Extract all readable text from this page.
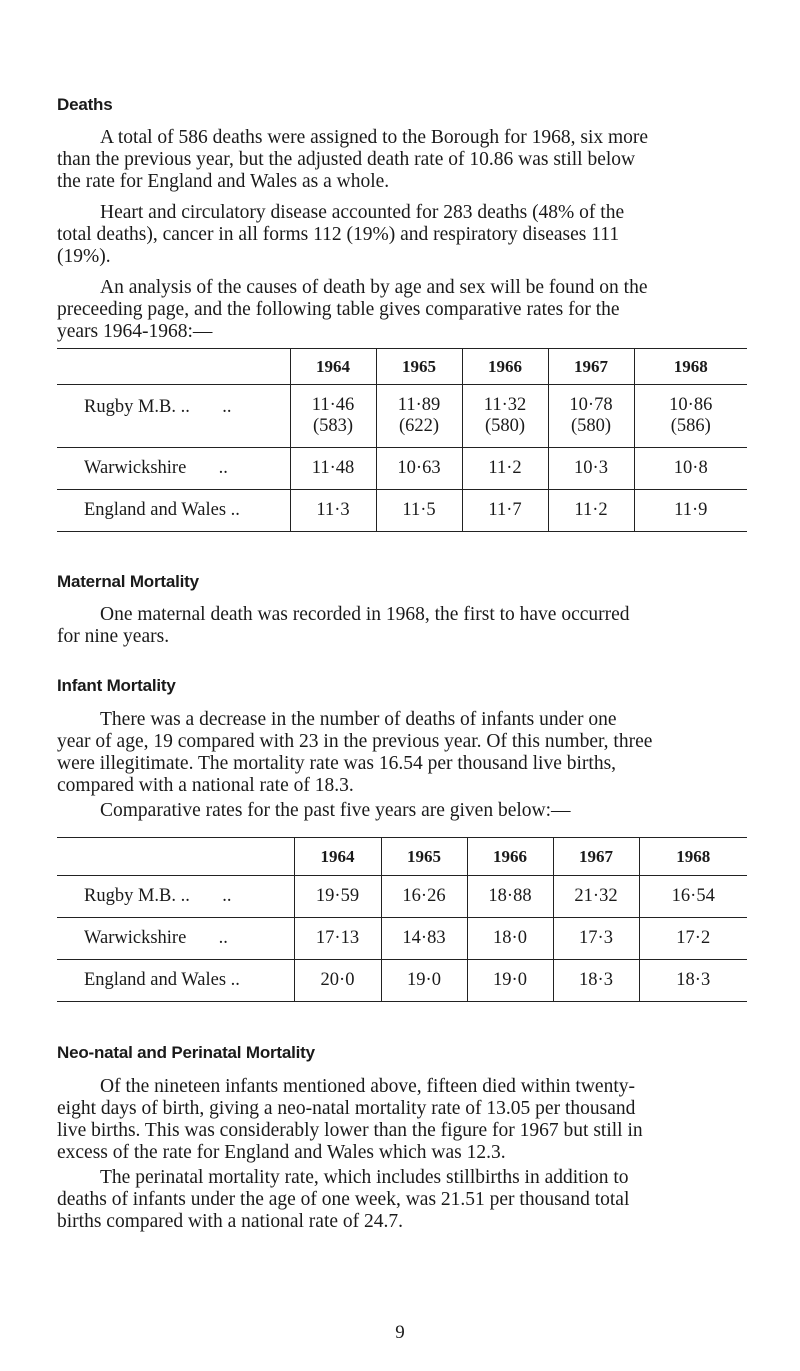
Deaths

A total of 586 deaths were assigned to the Borough for 1968, six more
than the previous year, but the adjusted death rate of 10.86 was still below
the rate for England and Wales as a whole.

Heart and circulatory disease accounted for 283 deaths (48% of the
total deaths), cancer in all forms 112 (19%) and respiratory diseases 111
(19%).

An analysis of the causes of death by age and sex will be found on the
preceeding page, and the following table gives comparative rates for the
years 1964-1968:—

	1964	1965	1966	1967	1968
Rugby M.B. ..       ..	11·46
(583)	11·89
(622)	11·32
(580)	10·78
(580)	10·86
(586)

Warwickshire       ..	11·48	10·63	11·2	10·3	10·8
England and Wales ..	11·3	11·5	11·7	11·2	11·9
Maternal Mortality

One maternal death was recorded in 1968, the first to have occurred
for nine years.

Infant Mortality

There was a decrease in the number of deaths of infants under one
year of age, 19 compared with 23 in the previous year. Of this number, three
were illegitimate. The mortality rate was 16.54 per thousand live births,
compared with a national rate of 18.3.

Comparative rates for the past five years are given below:—

	1964	1965	1966	1967	1968
Rugby M.B. ..       ..	19·59	16·26	18·88	21·32	16·54
Warwickshire       ..	17·13	14·83	18·0	17·3	17·2
England and Wales ..	20·0	19·0	19·0	18·3	18·3
Neo-natal and Perinatal Mortality

Of the nineteen infants mentioned above, fifteen died within twenty-
eight days of birth, giving a neo-natal mortality rate of 13.05 per thousand
live births. This was considerably lower than the figure for 1967 but still in
excess of the rate for England and Wales which was 12.3.

The perinatal mortality rate, which includes stillbirths in addition to
deaths of infants under the age of one week, was 21.51 per thousand total
births compared with a national rate of 24.7.

9
